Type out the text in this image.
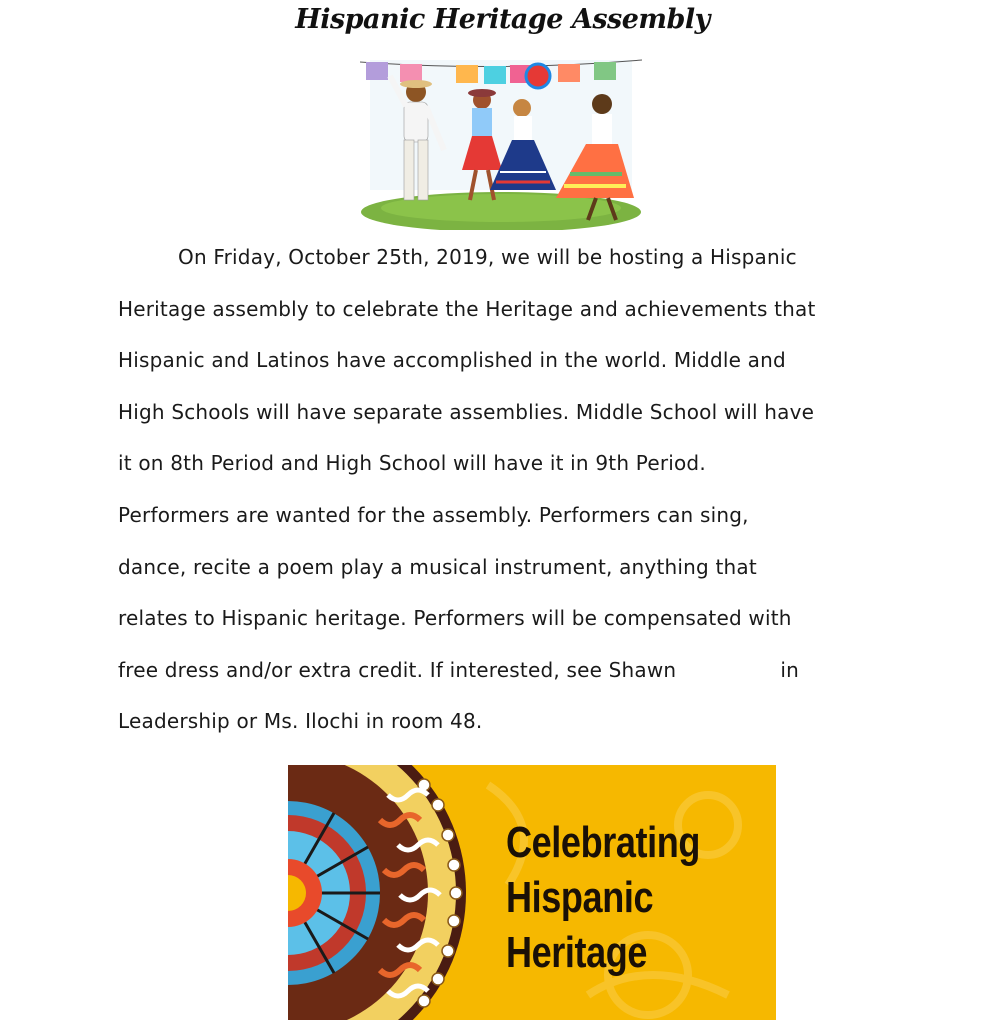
Hispanic Heritage Assembly
On Friday, October 25th, 2019, we will be hosting a Hispanic
Heritage assembly to celebrate the Heritage and achievements that
Hispanic and Latinos have accomplished in the world. Middle and
High Schools will have separate assemblies. Middle School will have
it on 8th Period and High School will have it in 9th Period.
Performers are wanted for the assembly. Performers can sing,
dance, recite a poem play a musical instrument, anything that
relates to Hispanic heritage. Performers will be compensated with
free dress and/or extra credit. If interested, see Shawn	in
Leadership or Ms. Ilochi in room 48.
Celebrating
Hispanic
Heritage
